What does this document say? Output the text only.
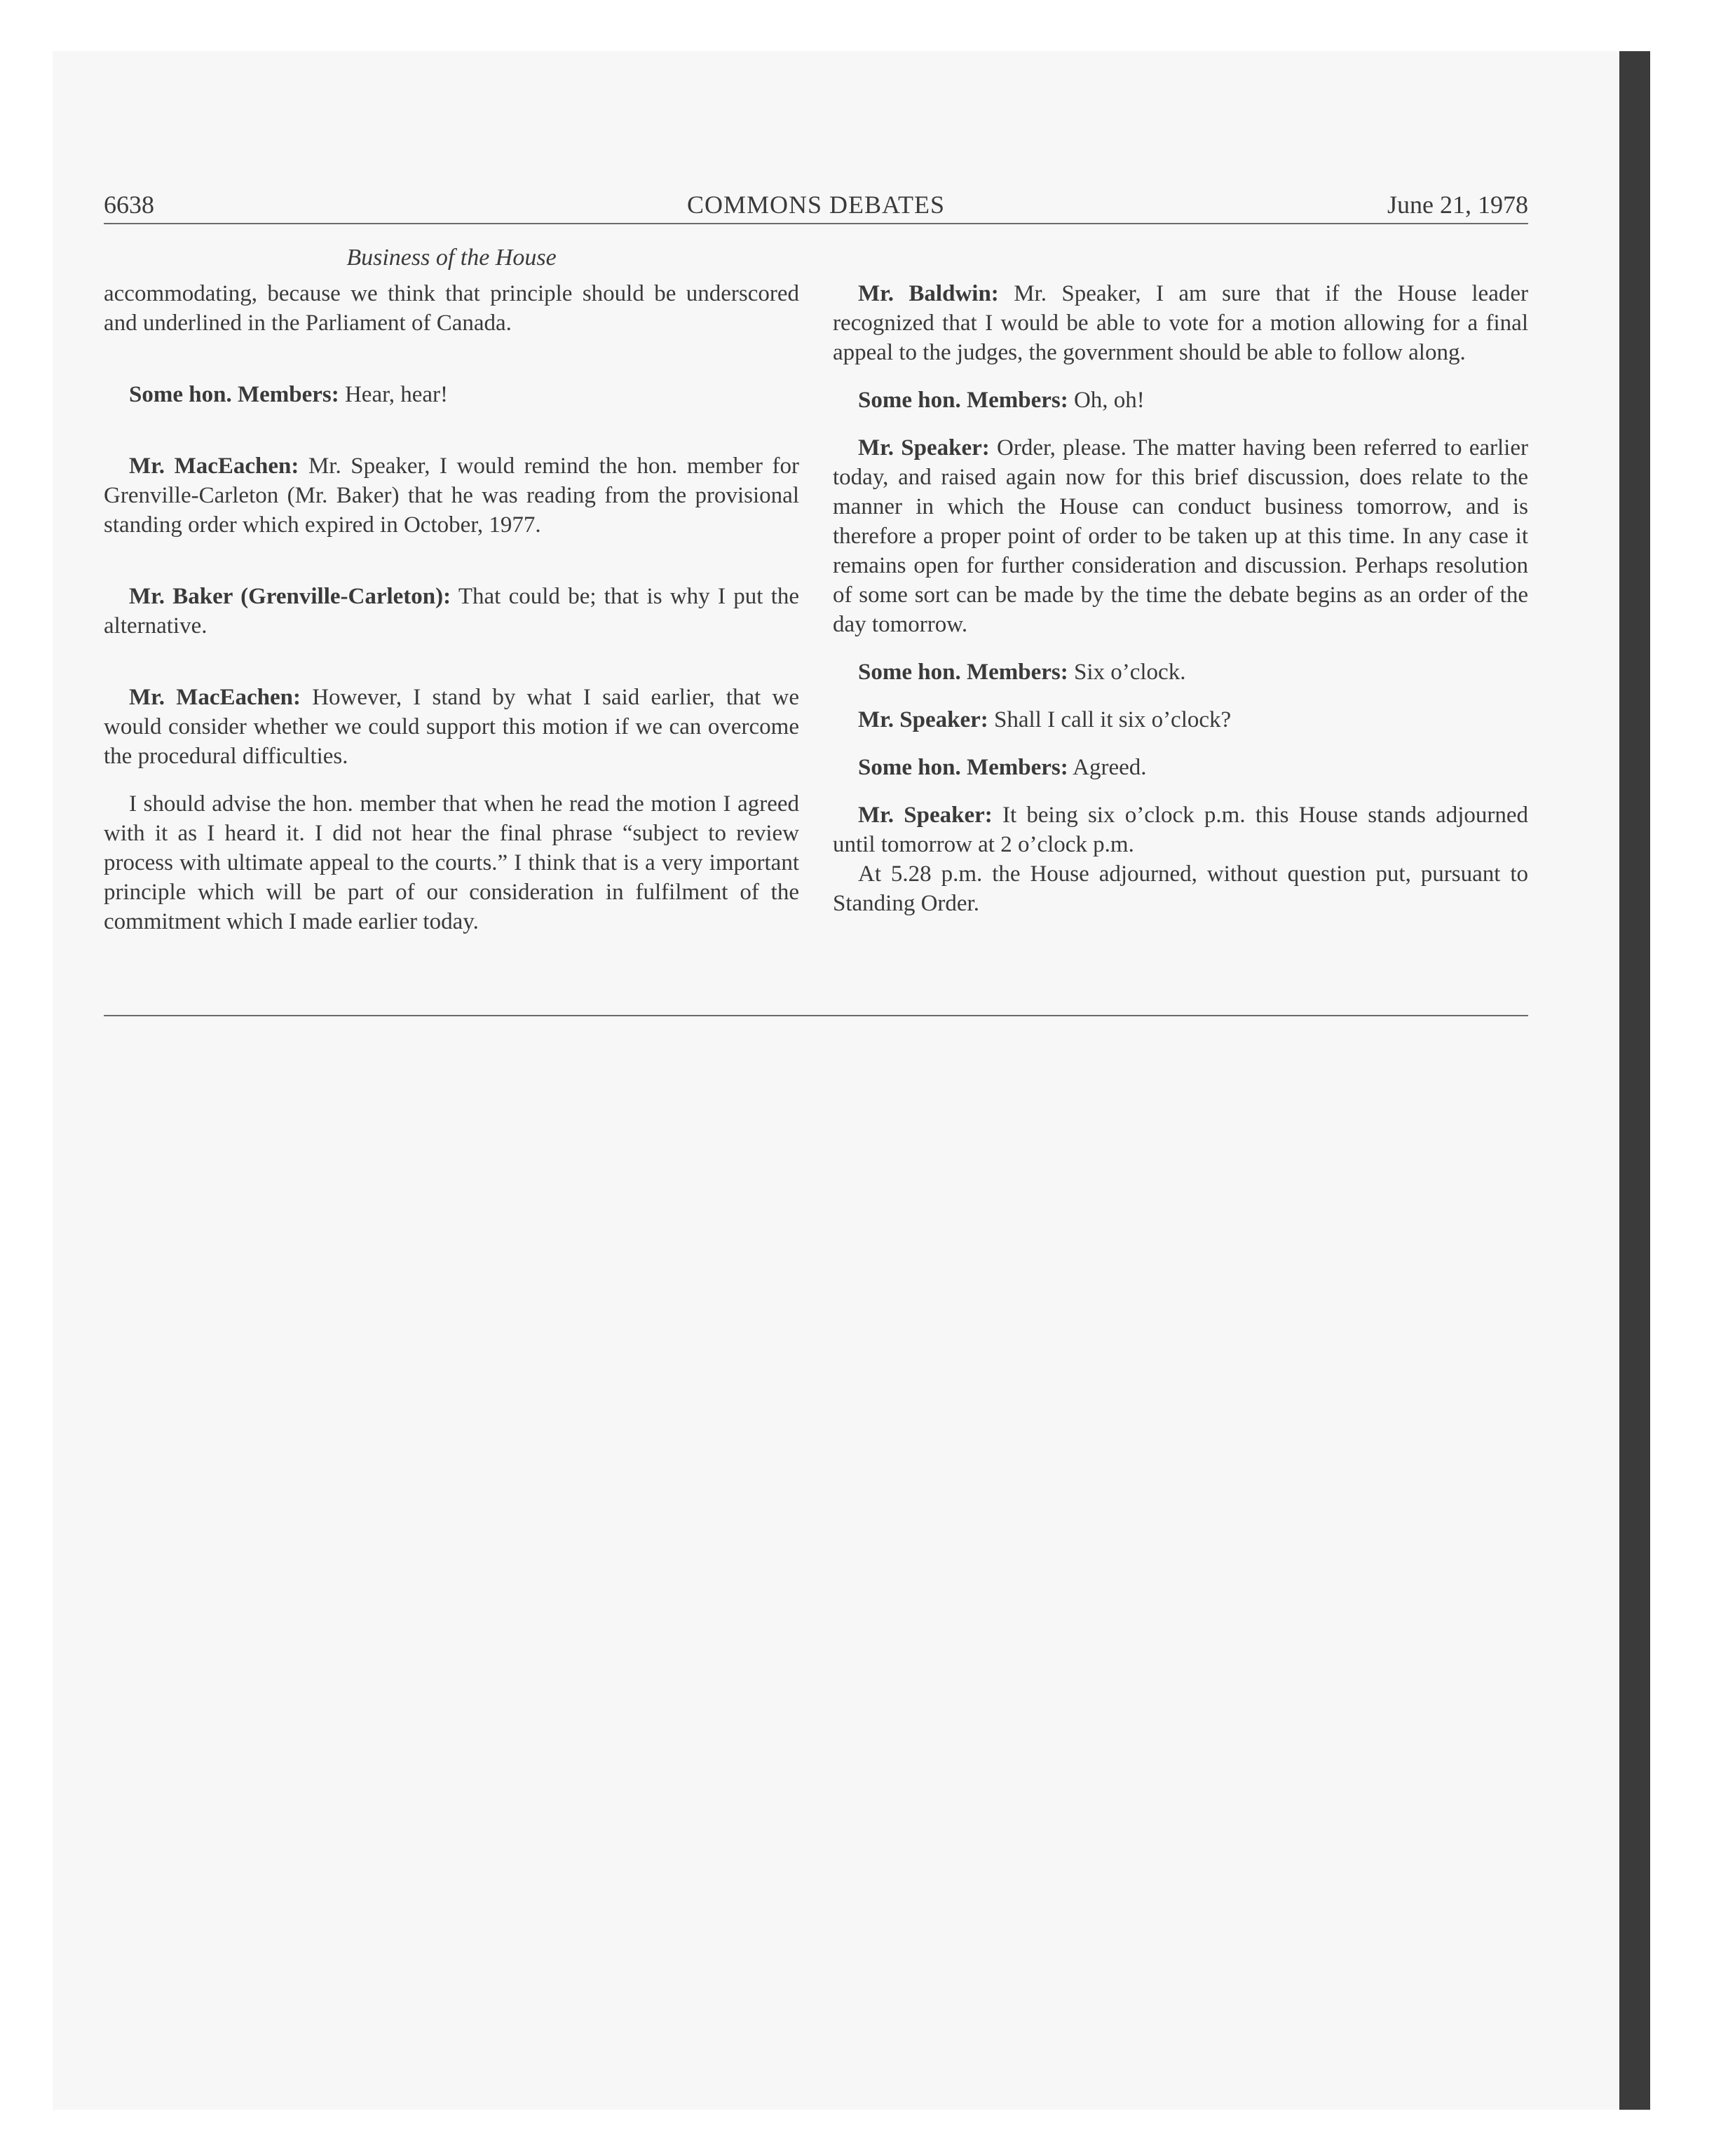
6638	COMMONS DEBATES	June 21, 1978
Business of the House

accommodating, because we think that principle should be underscored and underlined in the Parliament of Canada.

Some hon. Members: Hear, hear!

Mr. MacEachen: Mr. Speaker, I would remind the hon. member for Grenville-Carleton (Mr. Baker) that he was reading from the provisional standing order which expired in October, 1977.

Mr. Baker (Grenville-Carleton): That could be; that is why I put the alternative.

Mr. MacEachen: However, I stand by what I said earlier, that we would consider whether we could support this motion if we can overcome the procedural difficulties.

I should advise the hon. member that when he read the motion I agreed with it as I heard it. I did not hear the final phrase “subject to review process with ultimate appeal to the courts.” I think that is a very important principle which will be part of our consideration in fulfilment of the commitment which I made earlier today.

Mr. Baldwin: Mr. Speaker, I am sure that if the House leader recognized that I would be able to vote for a motion allowing for a final appeal to the judges, the government should be able to follow along.

Some hon. Members: Oh, oh!

Mr. Speaker: Order, please. The matter having been referred to earlier today, and raised again now for this brief discussion, does relate to the manner in which the House can conduct business tomorrow, and is therefore a proper point of order to be taken up at this time. In any case it remains open for further consideration and discussion. Perhaps resolution of some sort can be made by the time the debate begins as an order of the day tomorrow.

Some hon. Members: Six o’clock.

Mr. Speaker: Shall I call it six o’clock?

Some hon. Members: Agreed.

Mr. Speaker: It being six o’clock p.m. this House stands adjourned until tomorrow at 2 o’clock p.m.

At 5.28 p.m. the House adjourned, without question put, pursuant to Standing Order.
